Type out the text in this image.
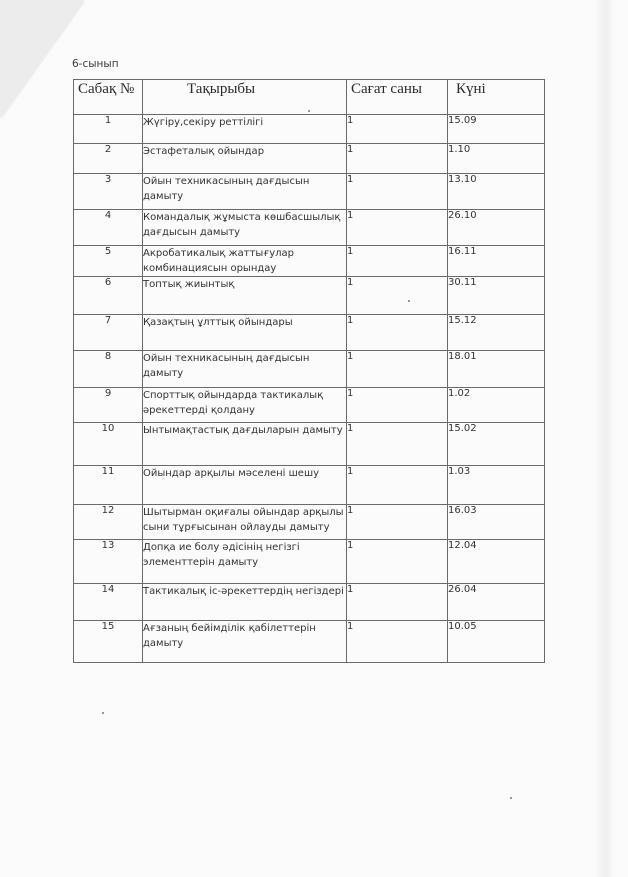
6-сынып
Сабақ №	Тақырыбы	Сағат саны	Күні
1	Жүгіру,секіру реттілігі	1	15.09
2	Эстафеталық ойындар	1	1.10
3	Ойын техникасының дағдысын дамыту	1	13.10
4	Командалық жұмыста көшбасшылық дағдысын дамыту	1	26.10
5	Акробатикалық жаттығулар комбинациясын орындау	1	16.11
6	Топтық жиынтық	1	30.11
7	Қазақтың ұлттық ойындары	1	15.12
8	Ойын техникасының дағдысын дамыту	1	18.01
9	Спорттық ойындарда тактикалық әрекеттерді қолдану	1	1.02
10	Ынтымақтастық дағдыларын дамыту	1	15.02
11	Ойындар арқылы мәселені шешу	1	1.03
12	Шытырман оқиғалы ойындар арқылы сыни тұрғысынан ойлауды дамыту	1	16.03
13	Допқа ие болу әдісінің негізгі элементтерін дамыту	1	12.04
14	Тактикалық іс-әрекеттердің негіздері	1	26.04
15	Ағзаның бейімділік қабілеттерін дамыту	1	10.05
